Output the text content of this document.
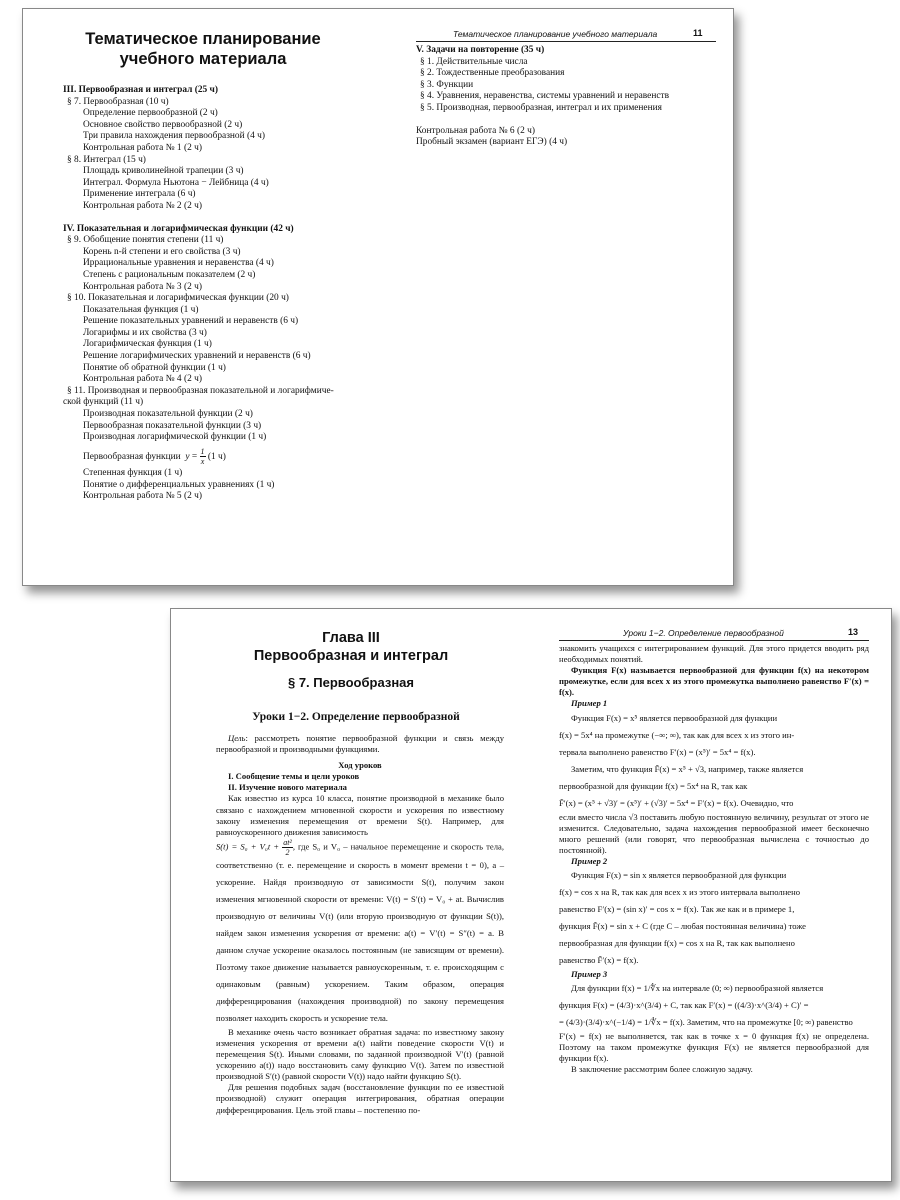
Тематическое планирование
учебного материала
Тематическое планирование учебного материала	11
III. Первообразная и интеграл (25 ч)
§ 7. Первообразная (10 ч)
Определение первообразной (2 ч)
Основное свойство первообразной (2 ч)
Три правила нахождения первообразной (4 ч)
Контрольная работа № 1 (2 ч)
§ 8. Интеграл (15 ч)
Площадь криволинейной трапеции (3 ч)
Интеграл. Формула Ньютона − Лейбница (4 ч)
Применение интеграла (6 ч)
Контрольная работа № 2 (2 ч)
IV. Показательная и логарифмическая функции (42 ч)
§ 9. Обобщение понятия степени (11 ч)
Корень n-й степени и его свойства (3 ч)
Иррациональные уравнения и неравенства (4 ч)
Степень с рациональным показателем (2 ч)
Контрольная работа № 3 (2 ч)
§ 10. Показательная и логарифмическая функции (20 ч)
Показательная функция (1 ч)
Решение показательных уравнений и неравенств (6 ч)
Логарифмы и их свойства (3 ч)
Логарифмическая функция (1 ч)
Решение логарифмических уравнений и неравенств (6 ч)
Понятие об обратной функции (1 ч)
Контрольная работа № 4 (2 ч)
§ 11. Производная и первообразная показательной и логарифмиче-
ской функций (11 ч)
Производная показательной функции (2 ч)
Первообразная показательной функции (3 ч)
Производная логарифмической функции (1 ч)
Первообразная функции $y = \frac{1}{x} (1$ ч)
Степенная функция (1 ч)
Понятие о дифференциальных уравнениях (1 ч)
Контрольная работа № 5 (2 ч)
V. Задачи на повторение (35 ч)
§ 1. Действительные числа
§ 2. Тождественные преобразования
§ 3. Функции
§ 4. Уравнения, неравенства, системы уравнений и неравенств
§ 5. Производная, первообразная, интеграл и их применения
Контрольная работа № 6 (2 ч)
Пробный экзамен (вариант ЕГЭ) (4 ч)
Глава III
Первообразная и интеграл
§ 7. Первообразная
Уроки 1−2. Определение первообразной
Уроки 1−2. Определение первообразной	13

Цель: рассмотреть понятие первообразной функции и связь между первообразной и производными функциями.

Ход уроков

I. Сообщение темы и цели уроков

II. Изучение нового материала

Как известно из курса 10 класса, понятие производной в механике было связано с нахождением мгновенной скорости и ускорения по известному закону изменения перемещения от времени S(t). Например, для равноускоренного движения зависимость

$S(t) = S_0 + V_0t + \frac{\text{at²}}{2}$ , где S₀ и V₀ – начальное перемещение и скорость тела, соответственно (т. е. перемещение и скорость в момент времени t = 0), a – ускорение. Найдя производную от зависимости S(t), получим закон изменения мгновенной скорости от времени: V(t) = S′(t) = V₀ + at. Вычислив производную от величины V(t) (или вторую производную от функции S(t)), найдем закон изменения ускорения от времени: a(t) = V′(t) = S″(t) = a. В данном случае ускорение оказалось постоянным (не зависящим от времени). Поэтому такое движение называется равноускоренным, т. е. происходящим с одинаковым (равным) ускорением. Таким образом, операция дифференцирования (нахождения производной) по закону перемещения позволяет находить скорость и ускорение тела.

В механике очень часто возникает обратная задача: по известному закону изменения ускорения от времени a(t) найти поведение скорости V(t) и перемещения S(t). Иными словами, по заданной производной V′(t) (равной ускорению a(t)) надо восстановить саму функцию V(t). Затем по известной производной S′(t) (равной скорости V(t)) надо найти функцию S(t).

Для решения подобных задач (восстановление функции по ее известной производной) служит операция интегрирования, обратная операции дифференцирования. Цель этой главы – постепенно по-

знакомить учащихся с интегрированием функций. Для этого придется вводить ряд необходимых понятий.

Функция F(x) называется первообразной для функции f(x) на некотором промежутке, если для всех x из этого промежутка выполнено равенство F′(x) = f(x).

Пример 1

Функция F(x) = x⁵ является первообразной для функции

f(x) = 5x⁴ на промежутке (−∞; ∞), так как для всех x из этого ин-

тервала выполнено равенство F′(x) = (x⁵)′ = 5x⁴ = f(x).

Заметим, что функция F̃(x) = x⁵ + √3, например, также является

первообразной для функции f(x) = 5x⁴ на R, так как

F̃′(x) = (x⁵ + √3)′ = (x⁵)′ + (√3)′ = 5x⁴ = F′(x) = f(x). Очевидно, что

если вместо числа √3 поставить любую постоянную величину, результат от этого не изменится. Следовательно, задача нахождения первообразной имеет бесконечно много решений (или говорят, что первообразная вычислена с точностью до постоянной).

Пример 2

Функция F(x) = sin x является первообразной для функции

f(x) = cos x на R, так как для всех x из этого интервала выполнено

равенство F′(x) = (sin x)′ = cos x = f(x). Так же как и в примере 1,

функция F̃(x) = sin x + C (где C – любая постоянная величина) тоже

первообразная для функции f(x) = cos x на R, так как выполнено

равенство F̃′(x) = f(x).

Пример 3

Для функции f(x) = 1/∜x на интервале (0; ∞) первообразной является

функция F(x) = (4/3)·x^(3/4) + C, так как F′(x) = ((4/3)·x^(3/4) + C)′ =

= (4/3)·(3/4)·x^(−1/4) = 1/∜x = f(x). Заметим, что на промежутке [0; ∞) равенство

F′(x) = f(x) не выполняется, так как в точке x = 0 функция f(x) не определена. Поэтому на таком промежутке функция F(x) не является первообразной для функции f(x).

В заключение рассмотрим более сложную задачу.
